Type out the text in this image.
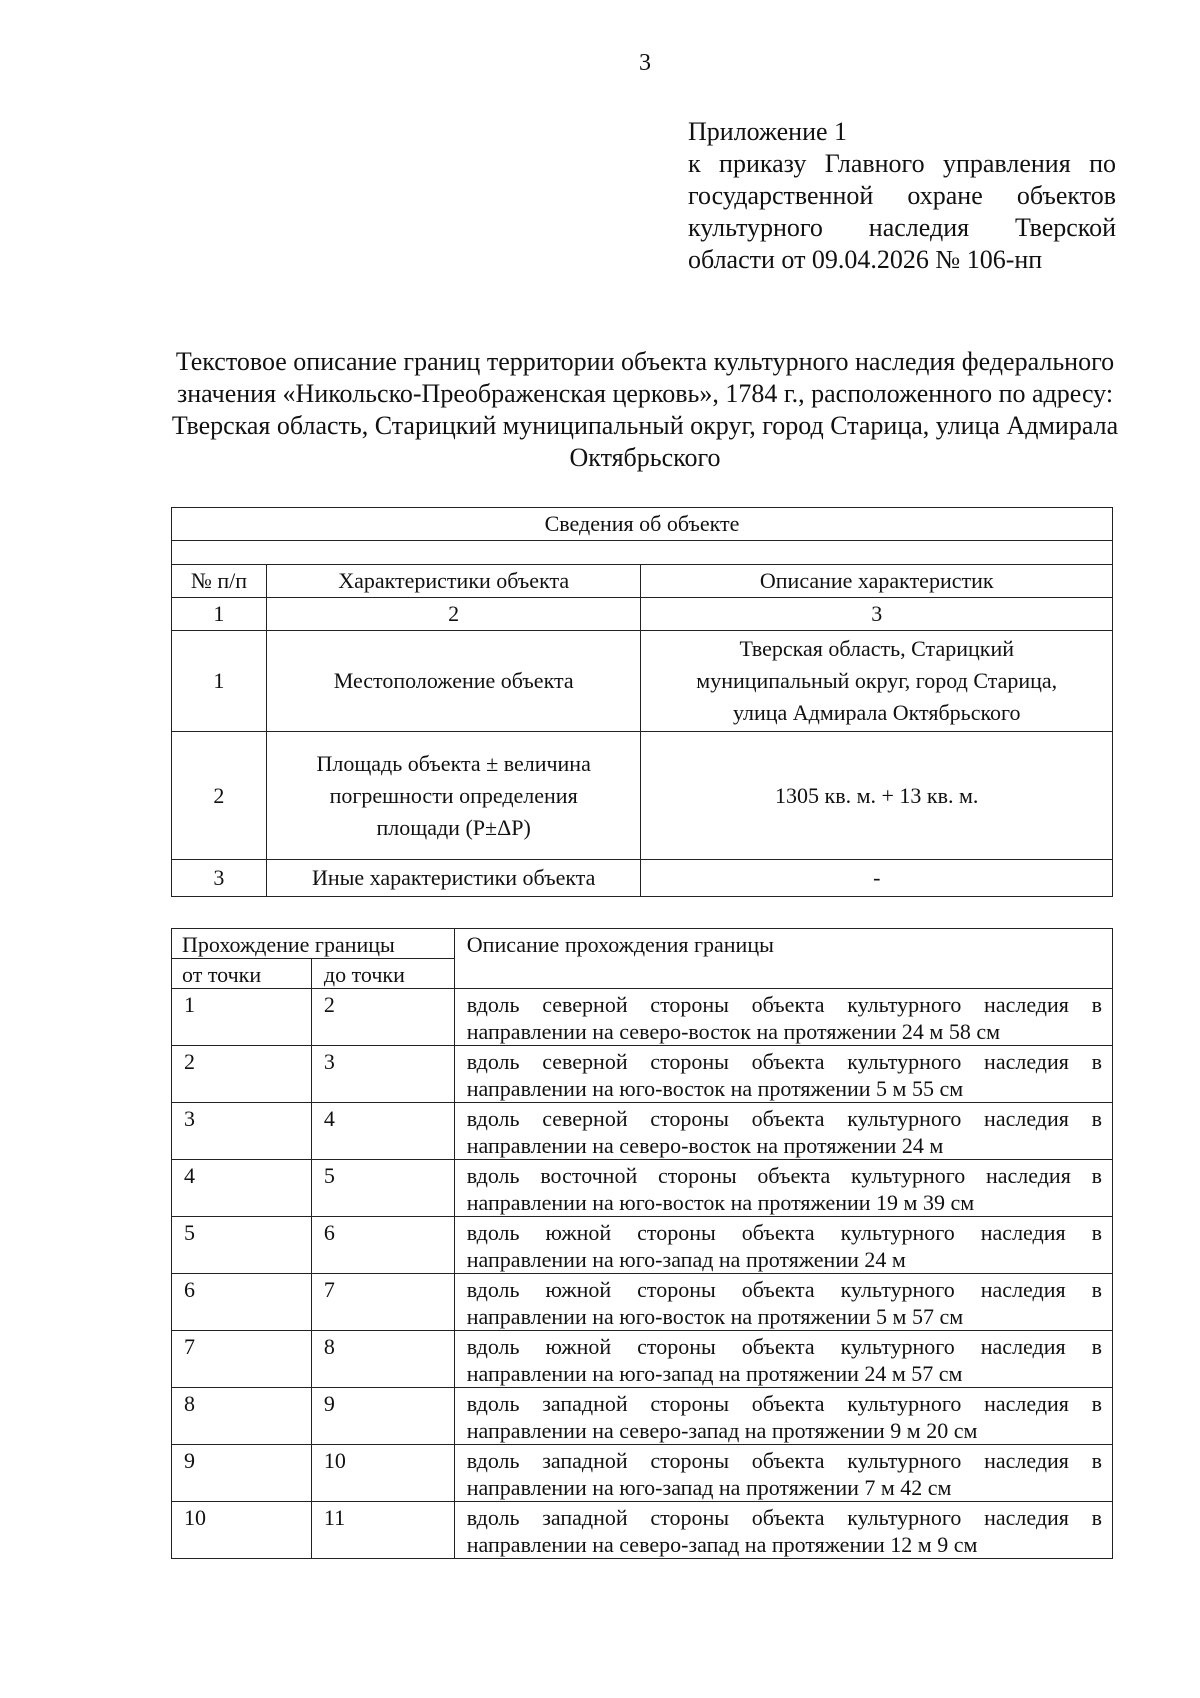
3
Приложение 1
к приказу Главного управления по государственной охране объектов культурного наследия Тверской области от 09.04.2026 № 106-нп
Текстовое описание границ территории объекта культурного наследия федерального значения «Никольско-Преображенская церковь», 1784 г., расположенного по адресу: Тверская область, Старицкий муниципальный округ, город Старица, улица Адмирала Октябрьского
Сведения об объекте		

№ п/п	Характеристики объекта	Описание характеристик
1	2	3
1	Местоположение объекта	Тверская область, Старицкий муниципальный округ, город Старица, улица Адмирала Октябрьского
2	Площадь объекта ± величина погрешности определения площади (Р±ΔР)	1305 кв. м. + 13 кв. м.
3	Иные характеристики объекта	-
Прохождение границы		Описание прохождения границы
от точки	до точки	
1	2	вдоль северной стороны объекта культурного наследия в направлении на северо-восток на протяжении 24 м 58 см
2	3	вдоль северной стороны объекта культурного наследия в направлении на юго-восток на протяжении 5 м 55 см
3	4	вдоль северной стороны объекта культурного наследия в направлении на северо-восток на протяжении 24 м
4	5	вдоль восточной стороны объекта культурного наследия в направлении на юго-восток на протяжении 19 м 39 см
5	6	вдоль южной стороны объекта культурного наследия в направлении на юго-запад на протяжении 24 м
6	7	вдоль южной стороны объекта культурного наследия в направлении на юго-восток на протяжении 5 м 57 см
7	8	вдоль южной стороны объекта культурного наследия в направлении на юго-запад на протяжении 24 м 57 см
8	9	вдоль западной стороны объекта культурного наследия в направлении на северо-запад на протяжении 9 м 20 см
9	10	вдоль западной стороны объекта культурного наследия в направлении на юго-запад на протяжении 7 м 42 см
10	11	вдоль западной стороны объекта культурного наследия в направлении на северо-запад на протяжении 12 м 9 см
